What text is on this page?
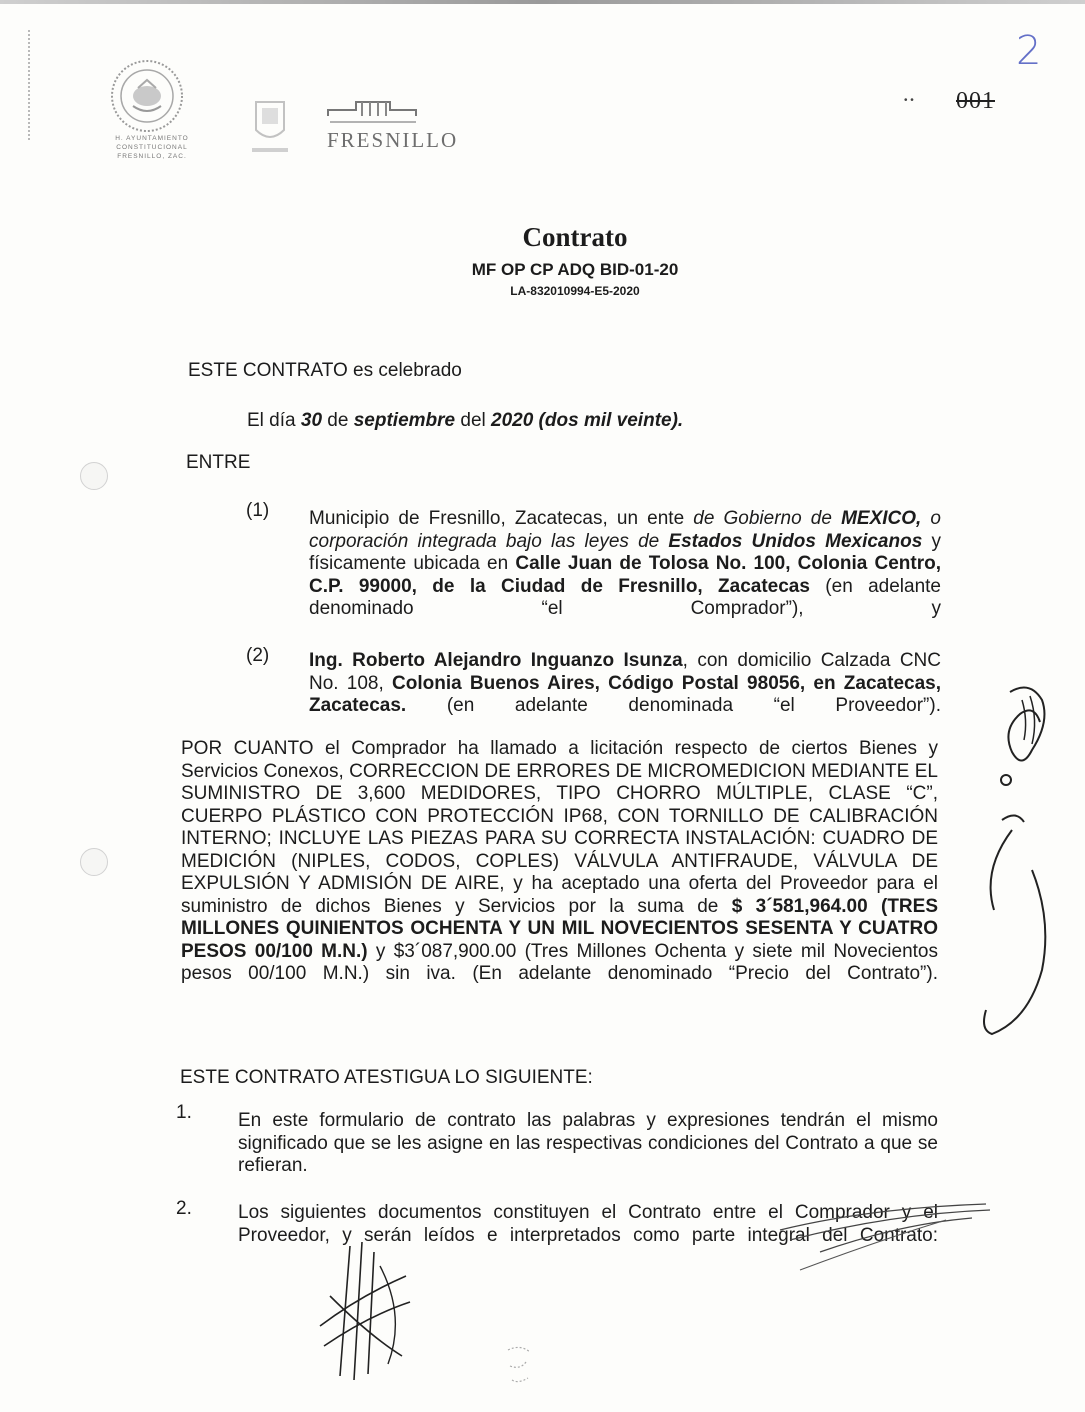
H. AYUNTAMIENTO
CONSTITUCIONAL
FRESNILLO, ZAC.
FRESNILLO
2
• • 001
Contrato
MF OP CP ADQ BID-01-20
LA-832010994-E5-2020
ESTE CONTRATO es celebrado
El día 30 de septiembre del 2020 (dos mil veinte).
ENTRE
(1) Municipio de Fresnillo, Zacatecas, un ente de Gobierno de MEXICO, o corporación integrada bajo las leyes de Estados Unidos Mexicanos y físicamente ubicada en Calle Juan de Tolosa No. 100, Colonia Centro, C.P. 99000, de la Ciudad de Fresnillo, Zacatecas (en adelante denominado “el Comprador”), y

(2) Ing. Roberto Alejandro Inguanzo Isunza, con domicilio Calzada CNC No. 108, Colonia Buenos Aires, Código Postal 98056, en Zacatecas, Zacatecas. (en adelante denominada “el Proveedor”).

POR CUANTO el Comprador ha llamado a licitación respecto de ciertos Bienes y Servicios Conexos, CORRECCION DE ERRORES DE MICROMEDICION MEDIANTE EL SUMINISTRO DE 3,600 MEDIDORES, TIPO CHORRO MÚLTIPLE, CLASE “C”, CUERPO PLÁSTICO CON PROTECCIÓN IP68, CON TORNILLO DE CALIBRACIÓN INTERNO; INCLUYE LAS PIEZAS PARA SU CORRECTA INSTALACIÓN: CUADRO DE MEDICIÓN (NIPLES, CODOS, COPLES) VÁLVULA ANTIFRAUDE, VÁLVULA DE EXPULSIÓN Y ADMISIÓN DE AIRE, y ha aceptado una oferta del Proveedor para el suministro de dichos Bienes y Servicios por la suma de $ 3´581,964.00 (TRES MILLONES QUINIENTOS OCHENTA Y UN MIL NOVECIENTOS SESENTA Y CUATRO PESOS 00/100 M.N.) y $3´087,900.00 (Tres Millones Ochenta y siete mil Novecientos pesos 00/100 M.N.) sin iva. (En adelante denominado “Precio del Contrato”).

ESTE CONTRATO ATESTIGUA LO SIGUIENTE:
1. En este formulario de contrato las palabras y expresiones tendrán el mismo significado que se les asigne en las respectivas condiciones del Contrato a que se refieran.

2. Los siguientes documentos constituyen el Contrato entre el Comprador y el Proveedor, y serán leídos e interpretados como parte integral del Contrato:
